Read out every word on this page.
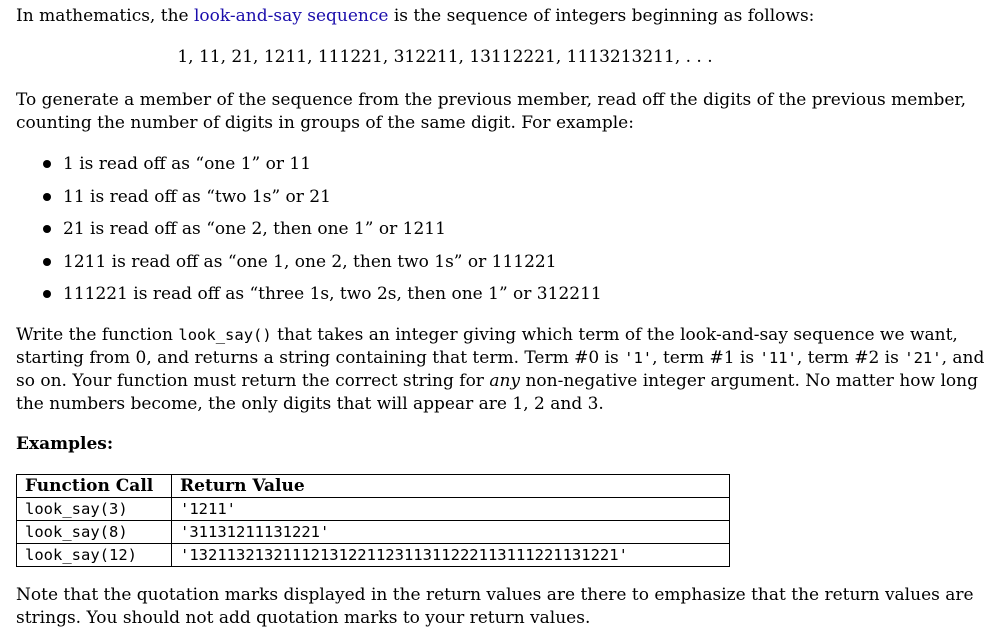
In mathematics, the look-and-say sequence is the sequence of integers beginning as follows:
1, 11, 21, 1211, 111221, 312211, 13112221, 1113213211, . . .
To generate a member of the sequence from the previous member, read off the digits of the previous member,
counting the number of digits in groups of the same digit. For example:
1 is read off as “one 1” or 11
11 is read off as “two 1s” or 21
21 is read off as “one 2, then one 1” or 1211
1211 is read off as “one 1, one 2, then two 1s” or 111221
111221 is read off as “three 1s, two 2s, then one 1” or 312211
Write the function look_say() that takes an integer giving which term of the look-and-say sequence we want,
starting from 0, and returns a string containing that term. Term #0 is '1', term #1 is '11', term #2 is '21', and
so on. Your function must return the correct string for any non-negative integer argument. No matter how long
the numbers become, the only digits that will appear are 1, 2 and 3.
Examples:
Function Call	Return Value
look_say(3)	'1211'
look_say(8)	'31131211131221'
look_say(12)	'1321132132111213122112311311222113111221131221'
Note that the quotation marks displayed in the return values are there to emphasize that the return values are
strings. You should not add quotation marks to your return values.
